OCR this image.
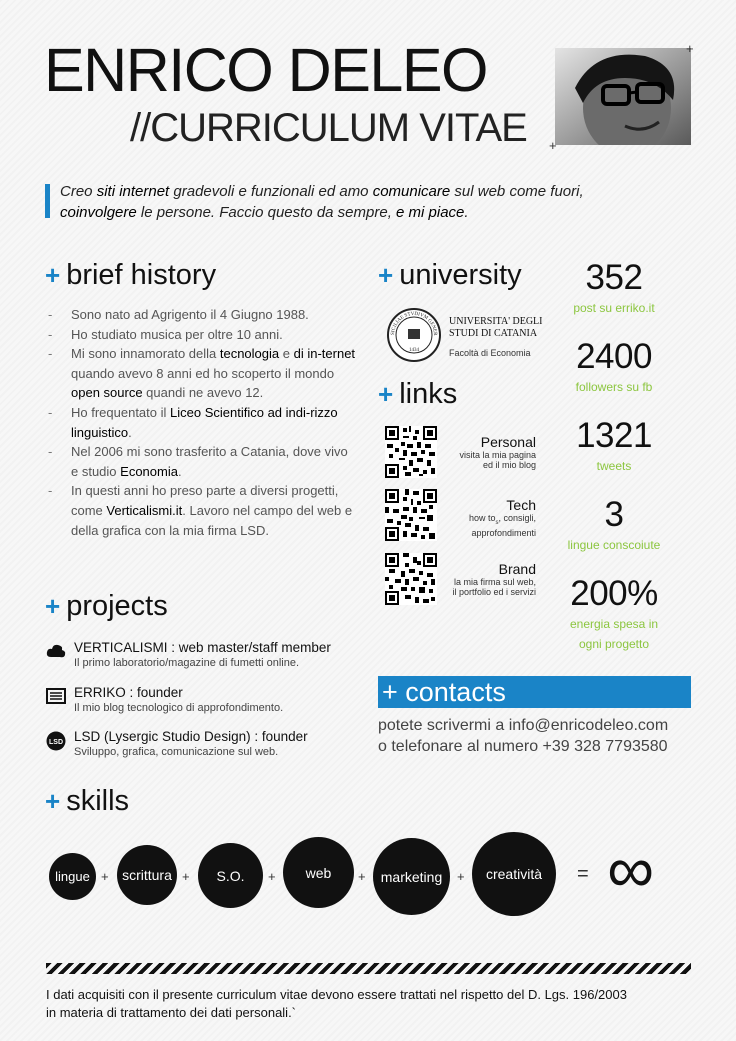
ENRICO DELEO
//CURRICULUM VITAE
+
+
Creo siti internet gradevoli e funzionali ed amo comunicare sul web come fuori,
coinvolgere le persone. Faccio questo da sempre, e mi piace.
+ brief history
- Sono nato ad Agrigento il 4 Giugno 1988.
- Ho studiato musica per oltre 10 anni.
- Mi sono innamorato della tecnologia e di in-ternet quando avevo 8 anni ed ho scoperto il mondo open source quandi ne avevo 12.
- Ho frequentato il Liceo Scientifico ad indi-rizzo linguistico.
- Nel 2006 mi sono trasferito a Catania, dove vivo e studio Economia.
- In questi anni ho preso parte a diversi progetti, come Verticalismi.it. Lavoro nel campo del web e della grafica con la mia firma LSD.
+ projects
VERTICALISMI : web master/staff member
Il primo laboratorio/magazine di fumetti online.
ERRIKO : founder
Il mio blog tecnologico di approfondimento.
LSD LSD (Lysergic Studio Design) : founder
Sviluppo, grafica, comunicazione sul web.
+ university
SICILIAE STVDIVM GENER
1434
UNIVERSITA' DEGLI
STUDI DI CATANIA
Facoltà di Economia
+ links
Personal
visita la mia pagina
ed il mio blog
Tech
how $to_s$, consigli,
approfondimenti
Brand
la mia firma sul web,
il portfolio ed i servizi
352
post su erriko.it
2400
followers su fb
1321
tweets
3
lingue conscoiute
200%
energia spesa in
ogni progetto
+ contacts
potete scrivermi a info@enricodeleo.com
o telefonare al numero +39 328 7793580
+ skills
lingue + scrittura +	S.O.	+	web	+	marketing	+	creatività	= ∞
I dati acquisiti con il presente curriculum vitae devono essere trattati nel rispetto del D. Lgs. 196/2003
in materia di trattamento dei dati personali.`
